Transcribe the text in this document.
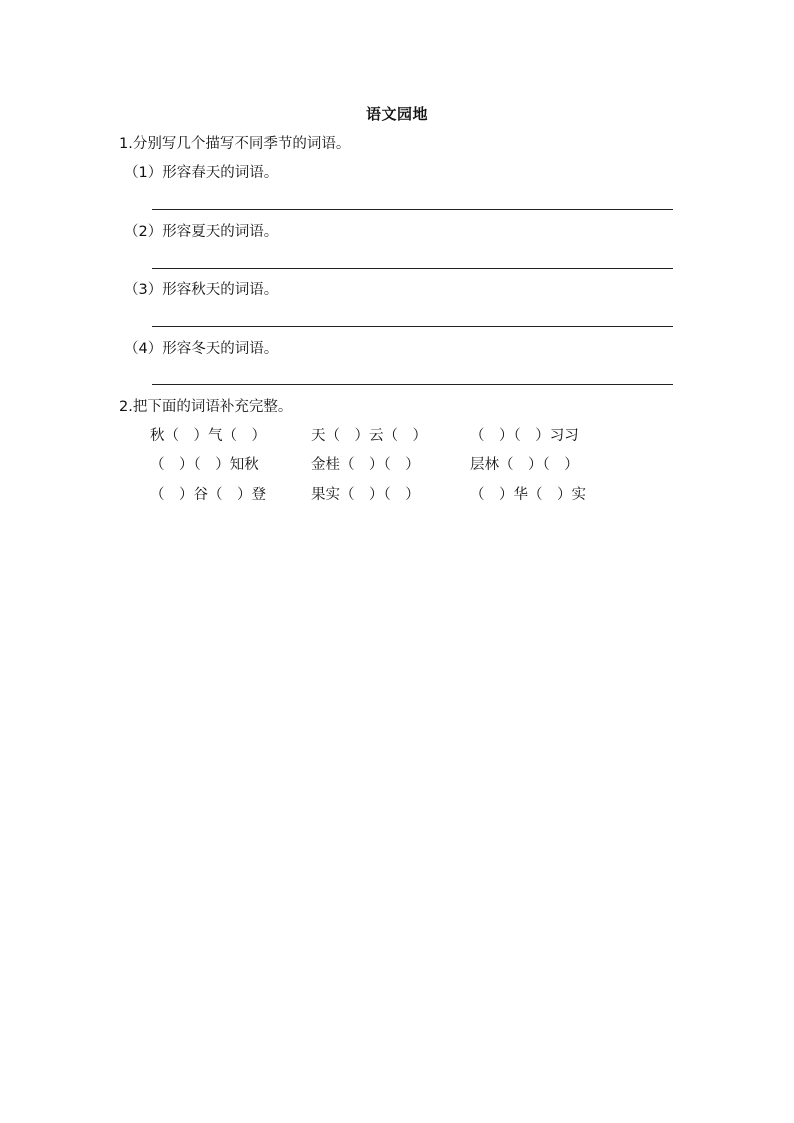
语文园地
1.分别写几个描写不同季节的词语。
（1）形容春天的词语。
（2）形容夏天的词语。
（3）形容秋天的词语。
（4）形容冬天的词语。
2.把下面的词语补充完整。
秋（　）气（　）	天（　）云（　）	（　）（　）习习
（　）（　）知秋	金桂（　）（　）	层林（　）（　）
（　）谷（　）登	果实（　）（　）	（　）华（　）实
